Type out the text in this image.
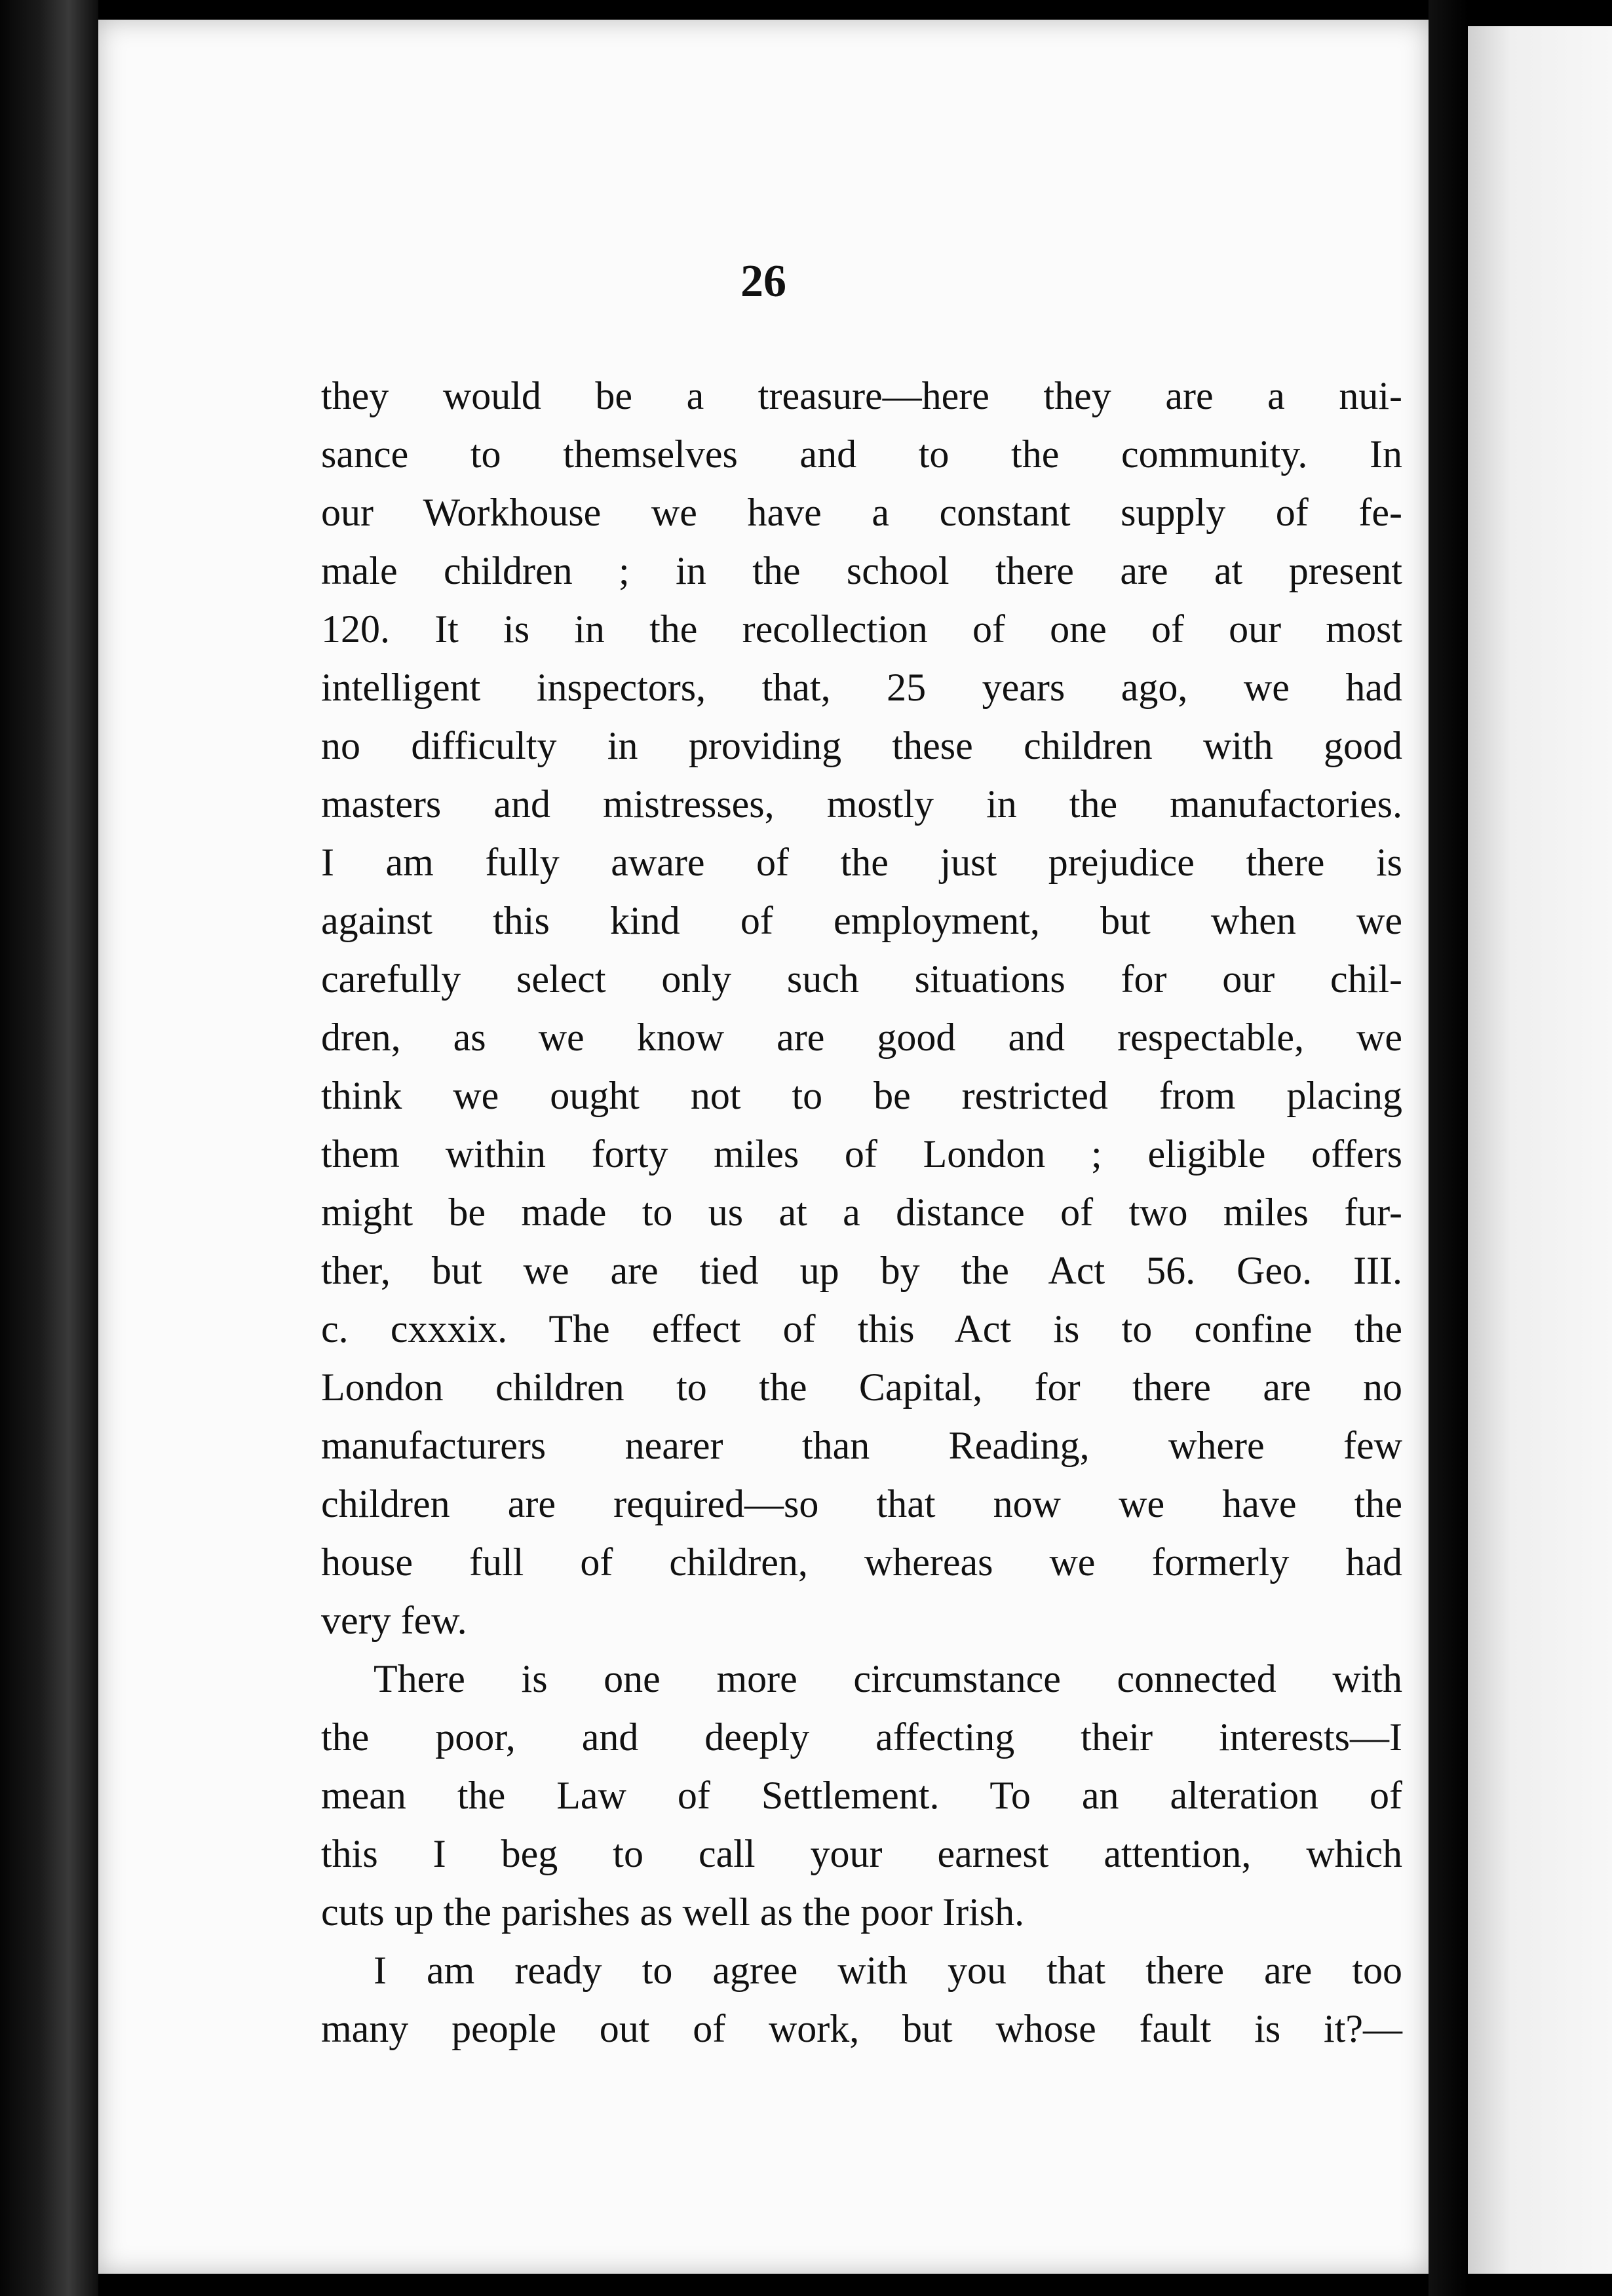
26
they would be a treasure—here they are a nui-
sance to themselves and to the community. In
our Workhouse we have a constant supply of fe-
male children ; in the school there are at present
120. It is in the recollection of one of our most
intelligent inspectors, that, 25 years ago, we had
no difficulty in providing these children with good
masters and mistresses, mostly in the manufactories.
I am fully aware of the just prejudice there is
against this kind of employment, but when we
carefully select only such situations for our chil-
dren, as we know are good and respectable, we
think we ought not to be restricted from placing
them within forty miles of London ; eligible offers
might be made to us at a distance of two miles fur-
ther, but we are tied up by the Act 56. Geo. III.
c. cxxxix. The effect of this Act is to confine the
London children to the Capital, for there are no
manufacturers nearer than Reading, where few
children are required—so that now we have the
house full of children, whereas we formerly had
very few.
There is one more circumstance connected with
the poor, and deeply affecting their interests—I
mean the Law of Settlement. To an alteration of
this I beg to call your earnest attention, which
cuts up the parishes as well as the poor Irish.
I am ready to agree with you that there are too
many people out of work, but whose fault is it?—
